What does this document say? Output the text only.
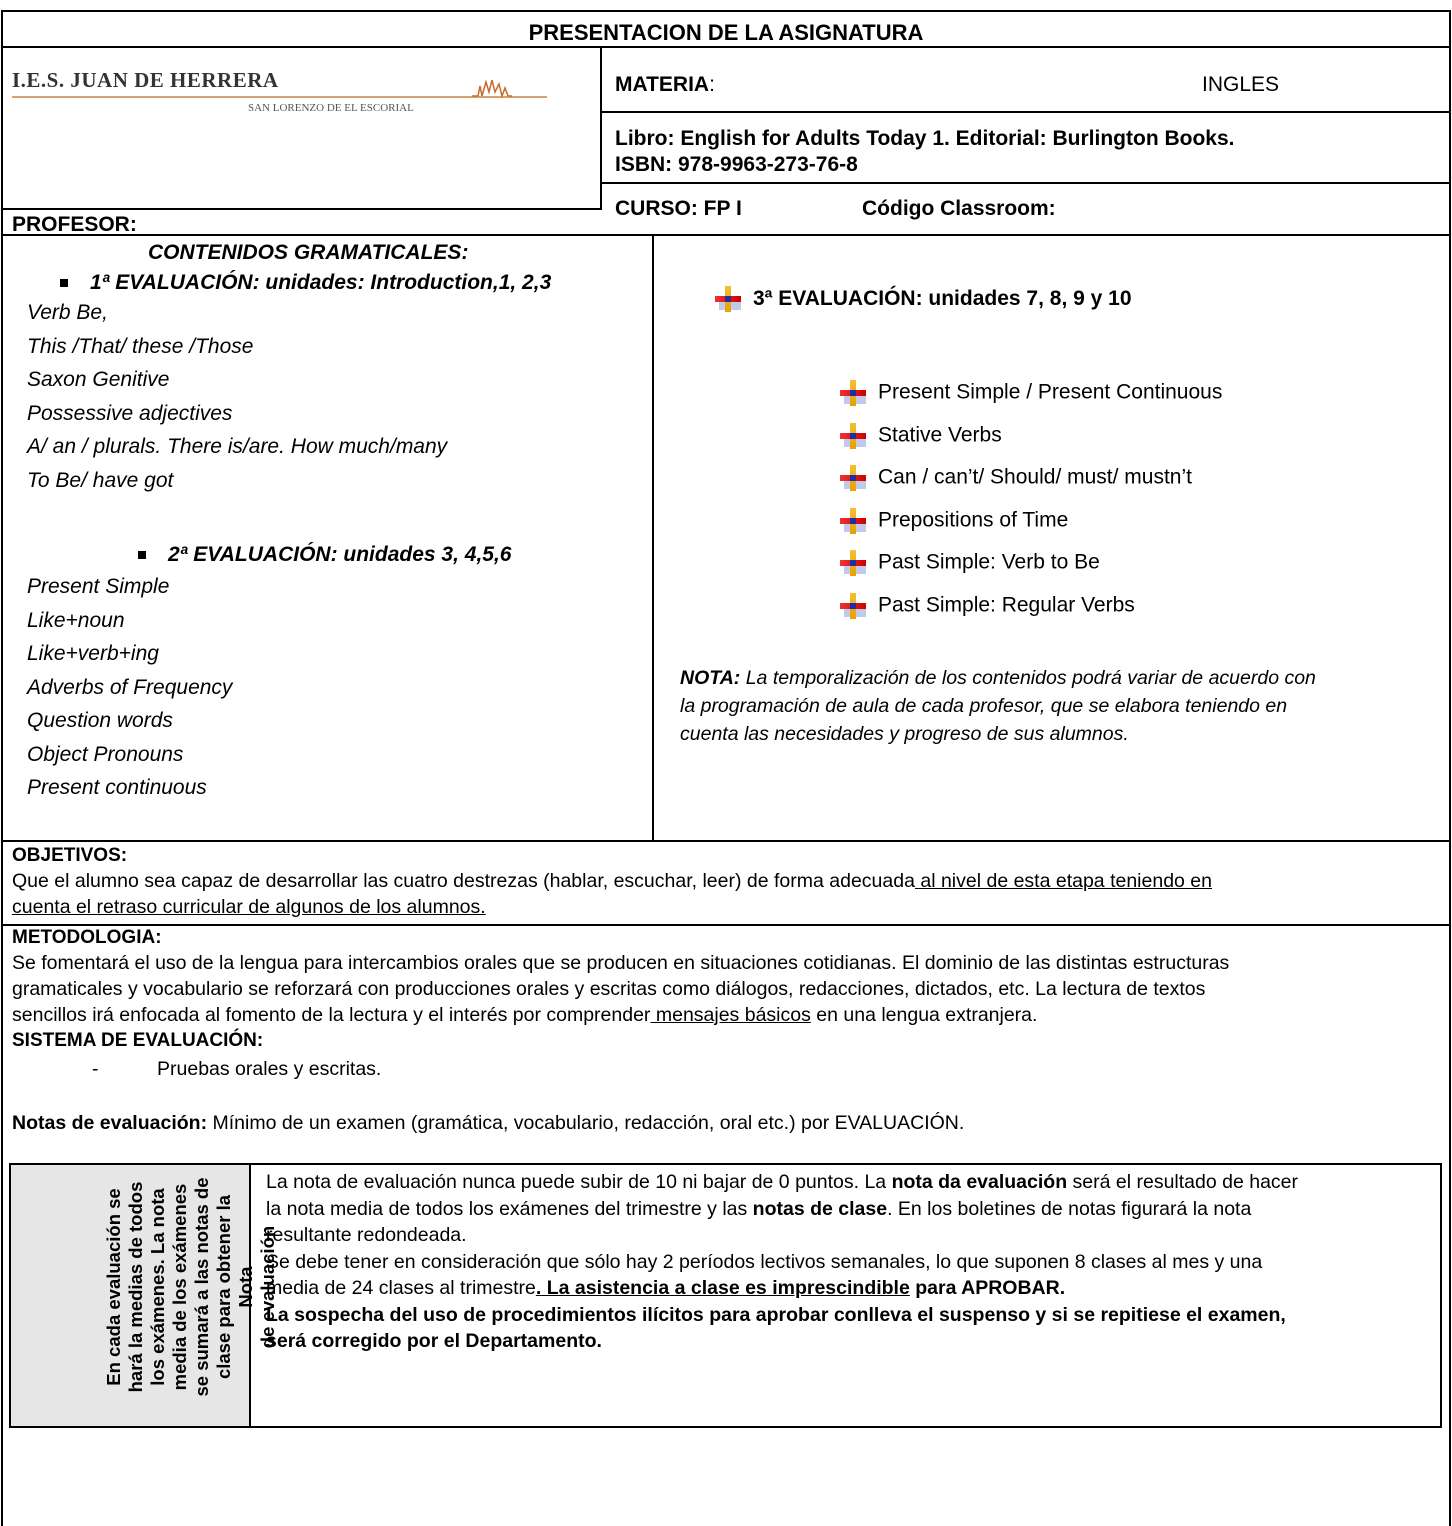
PRESENTACION DE LA ASIGNATURA
I.E.S. JUAN DE HERRERA
SAN LORENZO DE EL ESCORIAL
MATERIA:	INGLES
Libro: English for Adults Today 1. Editorial: Burlington Books.
ISBN: 978-9963-273-76-8
CURSO: FP I	Código Classroom:
PROFESOR:
CONTENIDOS GRAMATICALES:
1ª EVALUACIÓN: unidades: Introduction,1, 2,3
Verb Be,
This /That/ these /Those
Saxon Genitive
Possessive adjectives
A/ an / plurals. There is/are. How much/many
To Be/ have got
2ª EVALUACIÓN: unidades 3, 4,5,6
Present Simple
Like+noun
Like+verb+ing
Adverbs of Frequency
Question words
Object Pronouns
Present continuous
3ª EVALUACIÓN: unidades 7, 8, 9 y 10
Present Simple / Present Continuous
Stative Verbs
Can / can’t/ Should/ must/ mustn’t
Prepositions of Time
Past Simple: Verb to Be
Past Simple: Regular Verbs
NOTA: La temporalización de los contenidos podrá variar de acuerdo con
la programación de aula de cada profesor, que se elabora teniendo en
cuenta las necesidades y progreso de sus alumnos.
OBJETIVOS:
Que el alumno sea capaz de desarrollar las cuatro destrezas (hablar, escuchar, leer) de forma adecuada al nivel de esta etapa teniendo en
cuenta el retraso curricular de algunos de los alumnos.
METODOLOGIA:
Se fomentará el uso de la lengua para intercambios orales que se producen en situaciones cotidianas. El dominio de las distintas estructuras
gramaticales y vocabulario se reforzará con producciones orales y escritas como diálogos, redacciones, dictados, etc. La lectura de textos
sencillos irá enfocada al fomento de la lectura y el interés por comprender mensajes básicos en una lengua extranjera.
SISTEMA DE EVALUACIÓN:
-	Pruebas orales y escritas.
Notas de evaluación: Mínimo de un examen (gramática, vocabulario, redacción, oral etc.) por EVALUACIÓN.
En cada evaluación se hará la medias de todos los exámenes. La nota media de los exámenes se sumará a las notas de clase para obtener la Nota de evaluación
La nota de evaluación nunca puede subir de 10 ni bajar de 0 puntos. La nota da evaluación será el resultado de hacer
la nota media de todos los exámenes del trimestre y las notas de clase. En los boletines de notas figurará la nota
resultante redondeada.
Se debe tener en consideración que sólo hay 2 períodos lectivos semanales, lo que suponen 8 clases al mes y una
media de 24 clases al trimestre. La asistencia a clase es imprescindible para APROBAR.
La sospecha del uso de procedimientos ilícitos para aprobar conlleva el suspenso y si se repitiese el examen,
será corregido por el Departamento.
